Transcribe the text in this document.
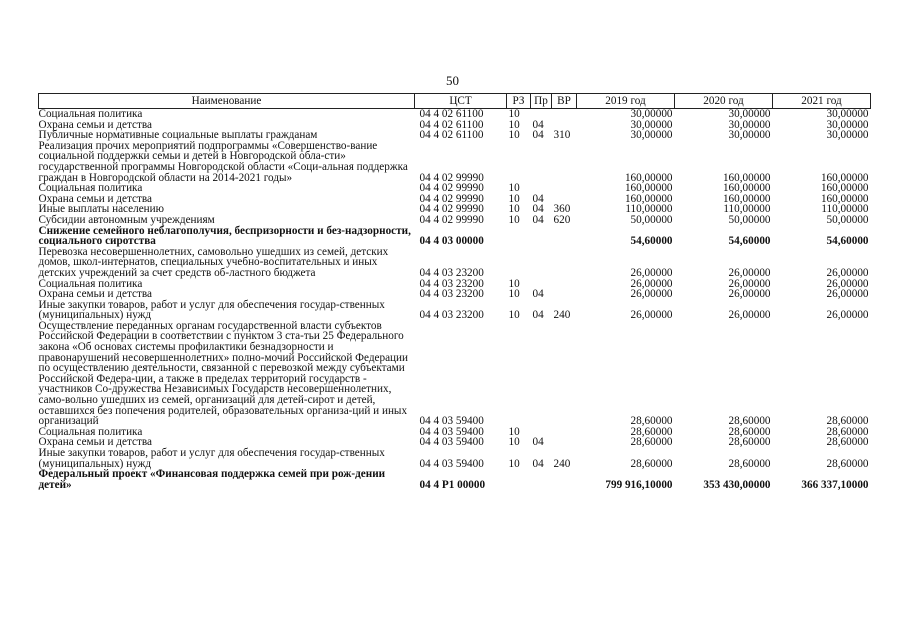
50
Наименование	ЦСТ	РЗ	Пр	ВР	2019 год	2020 год	2021 год
Социальная политика	04 4 02 61100	10			30,00000	30,00000	30,00000
Охрана семьи и детства	04 4 02 61100	10	04		30,00000	30,00000	30,00000
Публичные нормативные социальные выплаты гражданам	04 4 02 61100	10	04	310	30,00000	30,00000	30,00000
Реализация прочих мероприятий подпрограммы «Совершенство-вание социальной поддержки семьи и детей в Новгородской обла-сти» государственной программы Новгородской области «Соци-альная поддержка граждан в Новгородской области на 2014-2021 годы»	04 4 02 99990				160,00000	160,00000	160,00000
Социальная политика	04 4 02 99990	10			160,00000	160,00000	160,00000
Охрана семьи и детства	04 4 02 99990	10	04		160,00000	160,00000	160,00000
Иные выплаты населению	04 4 02 99990	10	04	360	110,00000	110,00000	110,00000
Субсидии автономным учреждениям	04 4 02 99990	10	04	620	50,00000	50,00000	50,00000
Снижение семейного неблагополучия, беспризорности и без-надзорности, социального сиротства	04 4 03 00000				54,60000	54,60000	54,60000
Перевозка несовершеннолетних, самовольно ушедших из семей, детских домов, школ-интернатов, специальных учебно-воспитательных и иных детских учреждений за счет средств об-ластного бюджета	04 4 03 23200				26,00000	26,00000	26,00000
Социальная политика	04 4 03 23200	10			26,00000	26,00000	26,00000
Охрана семьи и детства	04 4 03 23200	10	04		26,00000	26,00000	26,00000
Иные закупки товаров, работ и услуг для обеспечения государ-ственных (муниципальных) нужд	04 4 03 23200	10	04	240	26,00000	26,00000	26,00000
Осуществление переданных органам государственной власти субъектов Российской Федерации в соответствии с пунктом 3 ста-тьи 25 Федерального закона «Об основах системы профилактики безнадзорности и правонарушений несовершеннолетних» полно-мочий Российской Федерации по осуществлению деятельности, связанной с перевозкой между субъектами Российской Федера-ции, а также в пределах территорий государств - участников Со-дружества Независимых Государств несовершеннолетних, само-вольно ушедших из семей, организаций для детей-сирот и детей, оставшихся без попечения родителей, образовательных организа-ций и иных организаций	04 4 03 59400				28,60000	28,60000	28,60000
Социальная политика	04 4 03 59400	10			28,60000	28,60000	28,60000
Охрана семьи и детства	04 4 03 59400	10	04		28,60000	28,60000	28,60000
Иные закупки товаров, работ и услуг для обеспечения государ-ственных (муниципальных) нужд	04 4 03 59400	10	04	240	28,60000	28,60000	28,60000
Федеральный проект «Финансовая поддержка семей при рож-дении детей»	04 4 P1 00000				799 916,10000	353 430,00000	366 337,10000
